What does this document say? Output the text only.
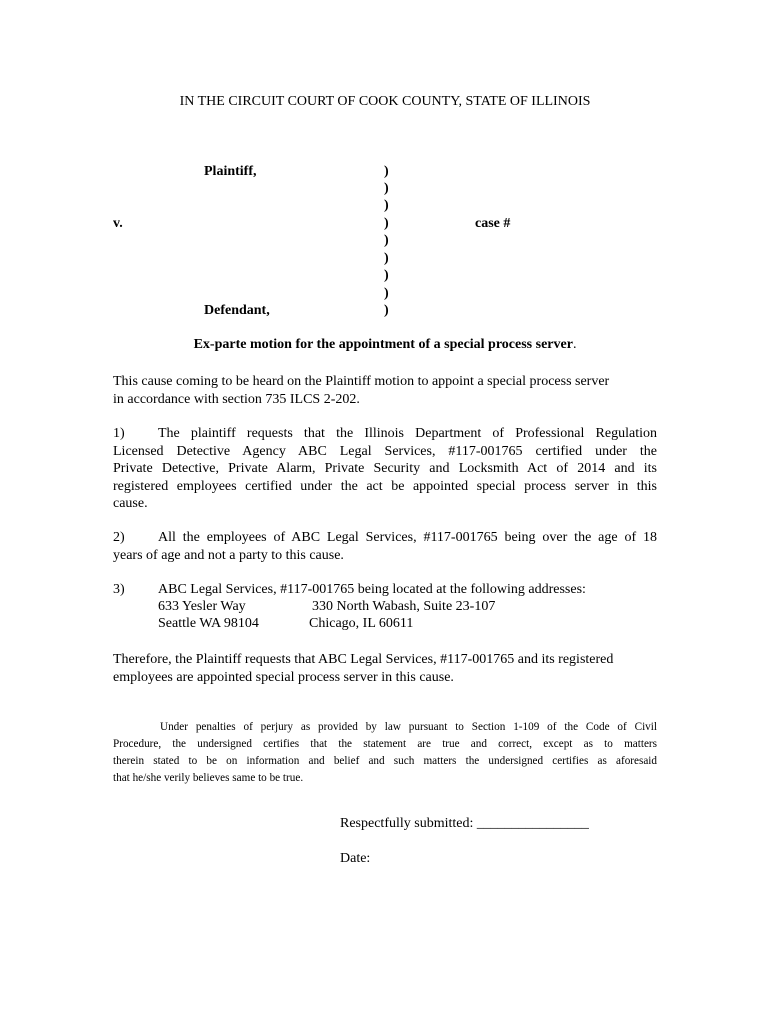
IN THE CIRCUIT COURT OF COOK COUNTY, STATE OF ILLINOIS
Plaintiff,
v.	case #
Defendant,
)
)
)
)
)
)
)
)
)
Ex-parte motion for the appointment of a special process server.
This cause coming to be heard on the Plaintiff motion to appoint a special process server
in accordance with section 735 ILCS 2-202.
1) The plaintiff requests that the Illinois Department of Professional Regulation
Licensed Detective Agency ABC Legal Services, #117-001765 certified under the
Private Detective, Private Alarm, Private Security and Locksmith Act of 2014 and its
registered employees certified under the act be appointed special process server in this
cause.
2) All the employees of ABC Legal Services, #117-001765 being over the age of 18
years of age and not a party to this cause.
3) ABC Legal Services, #117-001765 being located at the following addresses:
633 Yesler Way
Seattle WA 98104
330 North Wabash, Suite 23-107
Chicago, IL 60611
Therefore, the Plaintiff requests that ABC Legal Services, #117-001765 and its registered
employees are appointed special process server in this cause.
Under penalties of perjury as provided by law pursuant to Section 1-109 of the Code of Civil
Procedure, the undersigned certifies that the statement are true and correct, except as to matters
therein stated to be on information and belief and such matters the undersigned certifies as aforesaid
that he/she verily believes same to be true.
Respectfully submitted: ________________
Date:
